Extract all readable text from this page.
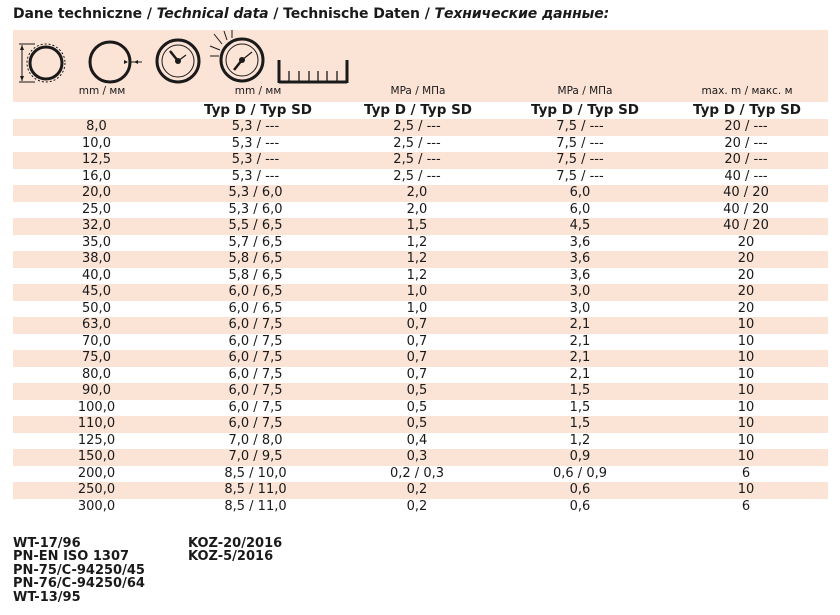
Dane techniczne / Technical data / Technische Daten / Технические данные:

mm / мм	mm / мм	MPa / МПа	MPa / МПа	max. m / макс. м
Typ D / Typ SD	Typ D / Typ SD	Typ D / Typ SD	Typ D / Typ SD
8,0	5,3 / ---	2,5 / ---	7,5 / ---	20 / ---
10,0	5,3 / ---	2,5 / ---	7,5 / ---	20 / ---
12,5	5,3 / ---	2,5 / ---	7,5 / ---	20 / ---
16,0	5,3 / ---	2,5 / ---	7,5 / ---	40 / ---
20,0	5,3 / 6,0	2,0	6,0	40 / 20
25,0	5,3 / 6,0	2,0	6,0	40 / 20
32,0	5,5 / 6,5	1,5	4,5	40 / 20
35,0	5,7 / 6,5	1,2	3,6	20
38,0	5,8 / 6,5	1,2	3,6	20
40,0	5,8 / 6,5	1,2	3,6	20
45,0	6,0 / 6,5	1,0	3,0	20
50,0	6,0 / 6,5	1,0	3,0	20
63,0	6,0 / 7,5	0,7	2,1	10
70,0	6,0 / 7,5	0,7	2,1	10
75,0	6,0 / 7,5	0,7	2,1	10
80,0	6,0 / 7,5	0,7	2,1	10
90,0	6,0 / 7,5	0,5	1,5	10
100,0	6,0 / 7,5	0,5	1,5	10
110,0	6,0 / 7,5	0,5	1,5	10
125,0	7,0 / 8,0	0,4	1,2	10
150,0	7,0 / 9,5	0,3	0,9	10
200,0	8,5 / 10,0	0,2 / 0,3	0,6 / 0,9	6
250,0	8,5 / 11,0	0,2	0,6	10
300,0	8,5 / 11,0	0,2	0,6	6
WT-17/96
PN-EN ISO 1307
PN-75/C-94250/45
PN-76/C-94250/64
WT-13/95
KOZ-20/2016
KOZ-5/2016
